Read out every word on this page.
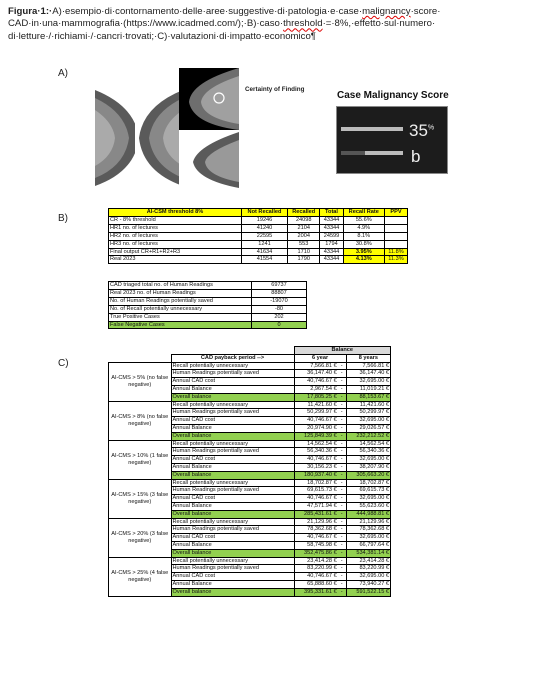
Figura·1:·A)·esempio·di·contornamento·delle·aree·suggestive·di·patologia·e·case·malignancy·score·
CAD·in·una·mammografia·(https://www.icadmed.com/);·B)·caso·threshold·=·8%,·effetto·sul·numero·
di·letture·/·richiami·/·cancri·trovati;·C)·valutazioni·di·impatto·economico¶
A)
Certainty of Finding
Case Malignancy Score
35%
b
B)
AI-CSM threshold 8%	Not Recalled	Recalled	Total	Recall Rate	PPV
CR - 8% threshold	19246	24098	43344	55.6%	
HR1 no. of lectures	41240	2104	43344	4.9%	
HR2 no. of lectures	22595	2004	24599	8.1%	
HR3 no. of lectures	1241	553	1794	30.8%	
Final output CR+R1+R2+R3	41634	1710	43344	3.95%	11.8%
Real 2023	41554	1790	43344	4.13%	11.3%
CAD triaged total no. of Human Readings	69737
Real 2023 no. of Human Readings	88807
No. of Human Readings potentially saved	-19070
No. of Recall potentially unnecessary	-80
True Positive Cases	202
False Negative Cases	0
C)
		Balance		
	CAD payback period -->	6 year		8 years
AI-CMS > 5% (no false negative)	Recall potentially unnecessary	7,566.81 €	-	7,566.81 €
	Human Readings potentially saved	36,147.40 €	-	36,147.40 €
	Annual CAD cost	40,746.67 €	-	32,695.00 €
	Annual Balance	2,967.54 €	-	11,019.21 €
	Overall balance	17,805.25 €	-	88,153.67 €
AI-CMS > 8% (no false negative)	Recall potentially unnecessary	11,421.60 €	-	11,421.60 €
	Human Readings potentially saved	50,299.97 €	-	50,299.97 €
	Annual CAD cost	40,746.67 €	-	32,695.00 €
	Annual Balance	20,974.90 €	-	29,026.57 €
	Overall balance	125,849.39 €	-	232,212.52 €
AI-CMS > 10% (1 false negative)	Recall potentially unnecessary	14,562.54 €	-	14,562.54 €
	Human Readings potentially saved	56,340.36 €	-	56,340.36 €
	Annual CAD cost	40,746.67 €	-	32,695.00 €
	Annual Balance	30,156.23 €	-	38,207.90 €
	Overall balance	180,937.40 €	-	305,663.20 €
AI-CMS > 15% (3 false negative)	Recall potentially unnecessary	18,702.87 €	-	18,702.87 €
	Human Readings potentially saved	69,615.73 €	-	69,615.73 €
	Annual CAD cost	40,746.67 €	-	32,695.00 €
	Annual Balance	47,571.94 €	-	55,623.60 €
	Overall balance	285,431.61 €	-	444,988.81 €
AI-CMS > 20% (3 false negative)	Recall potentially unnecessary	21,129.96 €	-	21,129.96 €
	Human Readings potentially saved	78,362.68 €	-	78,362.68 €
	Annual CAD cost	40,746.67 €	-	32,695.00 €
	Annual Balance	58,745.98 €	-	66,797.64 €
	Overall balance	352,475.86 €	-	534,381.14 €
AI-CMS > 25% (4 false negative)	Recall potentially unnecessary	23,414.28 €	-	23,414.28 €
	Human Readings potentially saved	83,220.99 €	-	83,220.99 €
	Annual CAD cost	40,746.67 €	-	32,695.00 €
	Annual Balance	65,888.60 €	-	73,940.27 €
	Overall balance	395,331.61 €	-	591,522.15 €
